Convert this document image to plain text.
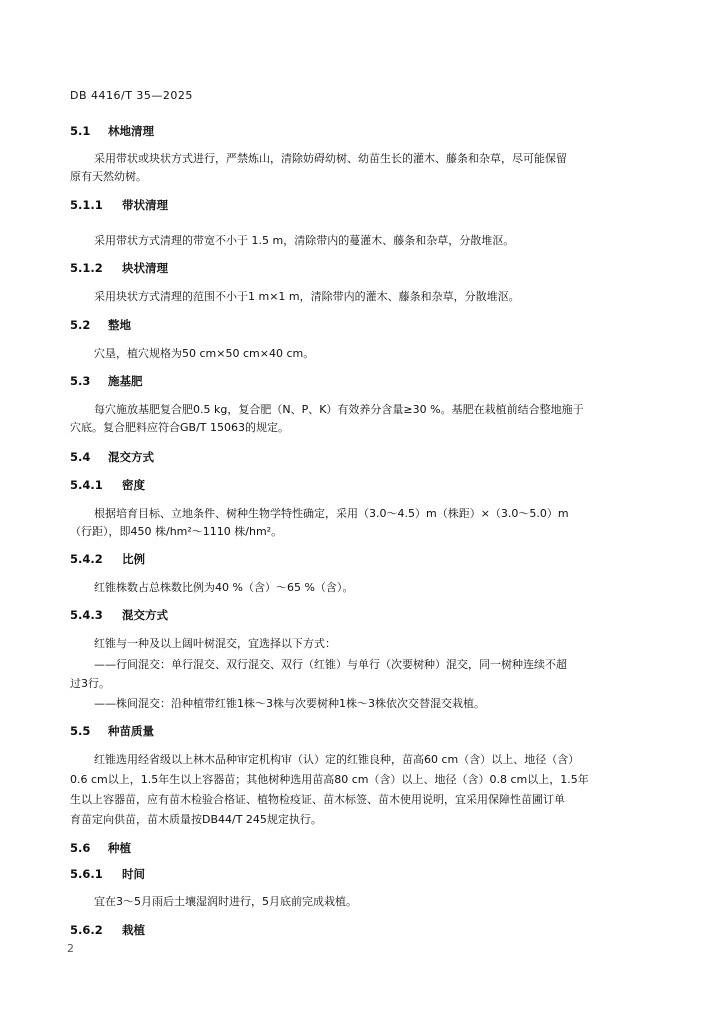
DB 4416/T 35—2025
5.1 林地清理
采用带状或块状方式进行，严禁炼山，清除妨碍幼树、幼苗生长的灌木、藤条和杂草，尽可能保留
原有天然幼树。
5.1.1 带状清理
采用带状方式清理的带宽不小于 1.5 m，清除带内的蔓灌木、藤条和杂草，分散堆沤。
5.1.2 块状清理
采用块状方式清理的范围不小于1 m×1 m，清除带内的灌木、藤条和杂草，分散堆沤。
5.2 整地
穴垦，植穴规格为50 cm×50 cm×40 cm。
5.3 施基肥
每穴施放基肥复合肥0.5 kg，复合肥（N、P、K）有效养分含量≥30 %。基肥在栽植前结合整地施于
穴底。复合肥料应符合GB/T 15063的规定。
5.4 混交方式
5.4.1 密度
根据培育目标、立地条件、树种生物学特性确定，采用（3.0～4.5）m（株距）×（3.0～5.0）m
（行距），即450 株/hm²～1110 株/hm²。
5.4.2 比例
红锥株数占总株数比例为40 %（含）～65 %（含）。
5.4.3 混交方式
红锥与一种及以上阔叶树混交，宜选择以下方式：
——行间混交：单行混交、双行混交、双行（红锥）与单行（次要树种）混交，同一树种连续不超
过3行。
——株间混交：沿种植带红锥1株～3株与次要树种1株～3株依次交替混交栽植。
5.5 种苗质量
红锥选用经省级以上林木品种审定机构审（认）定的红锥良种，苗高60 cm（含）以上、地径（含）
0.6 cm以上，1.5年生以上容器苗；其他树种选用苗高80 cm（含）以上、地径（含）0.8 cm以上，1.5年
生以上容器苗，应有苗木检验合格证、植物检疫证、苗木标签、苗木使用说明，宜采用保障性苗圃订单
育苗定向供苗，苗木质量按DB44/T 245规定执行。
5.6 种植
5.6.1 时间
宜在3～5月雨后土壤湿润时进行，5月底前完成栽植。
5.6.2 栽植
2
